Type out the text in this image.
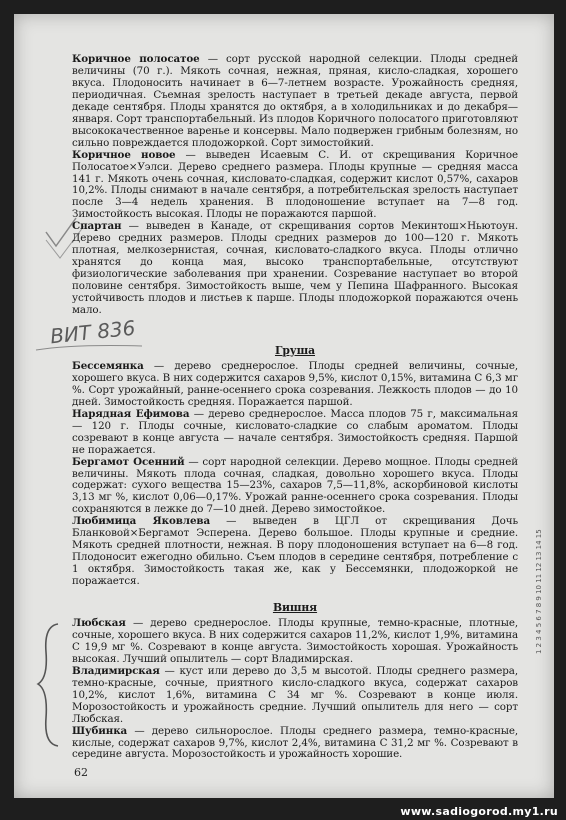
ВИТ 836

Коричное полосатое — сорт русской народной селекции. Плоды средней величины (70 г.). Мякоть сочная, нежная, пряная, кисло-сладкая, хорошего вкуса. Плодоносить начинает в 6—7-летнем возрасте. Урожайность средняя, периодичная. Съемная зрелость наступает в третьей декаде августа, первой декаде сентября. Плоды хранятся до октября, а в холодильниках и до декабря—января. Сорт транспортабельный. Из плодов Коричного полосатого приготовляют высококачественное варенье и консервы. Мало подвержен грибным болезням, но сильно повреждается плодожоркой. Сорт зимостойкий.

Коричное новое — выведен Исаевым С. И. от скрещивания Коричное Полосатое×Уэлси. Дерево среднего размера. Плоды крупные — средняя масса 141 г. Мякоть очень сочная, кисловато-сладкая, содержит кислот 0,57%, сахаров 10,2%. Плоды снимают в начале сентября, а потребительская зрелость наступает после 3—4 недель хранения. В плодоношение вступает на 7—8 год. Зимостойкость высокая. Плоды не поражаются паршой.

Спартан — выведен в Канаде, от скрещивания сортов Мекинтош×Ньютоун. Дерево средних размеров. Плоды средних размеров до 100—120 г. Мякоть плотная, мелкозернистая, сочная, кисловато-сладкого вкуса. Плоды отлично хранятся до конца мая, высоко транспортабельные, отсутствуют физиологические заболевания при хранении. Созревание наступает во второй половине сентября. Зимостойкость выше, чем у Пепина Шафранного. Высокая устойчивость плодов и листьев к парше. Плоды плодожоркой поражаются очень мало.

Груша

Бессемянка — дерево среднерослое. Плоды средней величины, сочные, хорошего вкуса. В них содержится сахаров 9,5%, кислот 0,15%, витамина С 6,3 мг %. Сорт урожайный, ранне-осеннего срока созревания. Лежкость плодов — до 10 дней. Зимостойкость средняя. Поражается паршой.

Нарядная Ефимова — дерево среднерослое. Масса плодов 75 г, максимальная — 120 г. Плоды сочные, кисловато-сладкие со слабым ароматом. Плоды созревают в конце августа — начале сентября. Зимостойкость средняя. Паршой не поражается.

Бергамот Осенний — сорт народной селекции. Дерево мощное. Плоды средней величины. Мякоть плода сочная, сладкая, довольно хорошего вкуса. Плоды содержат: сухого вещества 15—23%, сахаров 7,5—11,8%, аскорбиновой кислоты 3,13 мг %, кислот 0,06—0,17%. Урожай ранне-осеннего срока созревания. Плоды сохраняются в лежке до 7—10 дней. Дерево зимостойкое.

Любимица Яковлева — выведен в ЦГЛ от скрещивания Дочь Бланковой×Бергамот Эсперена. Дерево большое. Плоды крупные и средние. Мякоть средней плотности, нежная. В пору плодоношения вступает на 6—8 год. Плодоносит ежегодно обильно. Съем плодов в середине сентября, потребление с 1 октября. Зимостойкость такая же, как у Бессемянки, плодожоркой не поражается.

Вишня

Любская — дерево среднерослое. Плоды крупные, темно-красные, плотные, сочные, хорошего вкуса. В них содержится сахаров 11,2%, кислот 1,9%, витамина С 19,9 мг %. Созревают в конце августа. Зимостойкость хорошая. Урожайность высокая. Лучший опылитель — сорт Владимирская.

Владимирская — куст или дерево до 3,5 м высотой. Плоды среднего размера, темно-красные, сочные, приятного кисло-сладкого вкуса, содержат сахаров 10,2%, кислот 1,6%, витамина С 34 мг %. Созревают в конце июля. Морозостойкость и урожайность средние. Лучший опылитель для него — сорт Любская.

Шубинка — дерево сильнорослое. Плоды среднего размера, темно-красные, кислые, содержат сахаров 9,7%, кислот 2,4%, витамина С 31,2 мг %. Созревают в середине августа. Морозостойкость и урожайность хорошие.

62
1 2 3 4 5 6 7 8 9 10 11 12 13 14 15
www.sadiogorod.my1.ru
